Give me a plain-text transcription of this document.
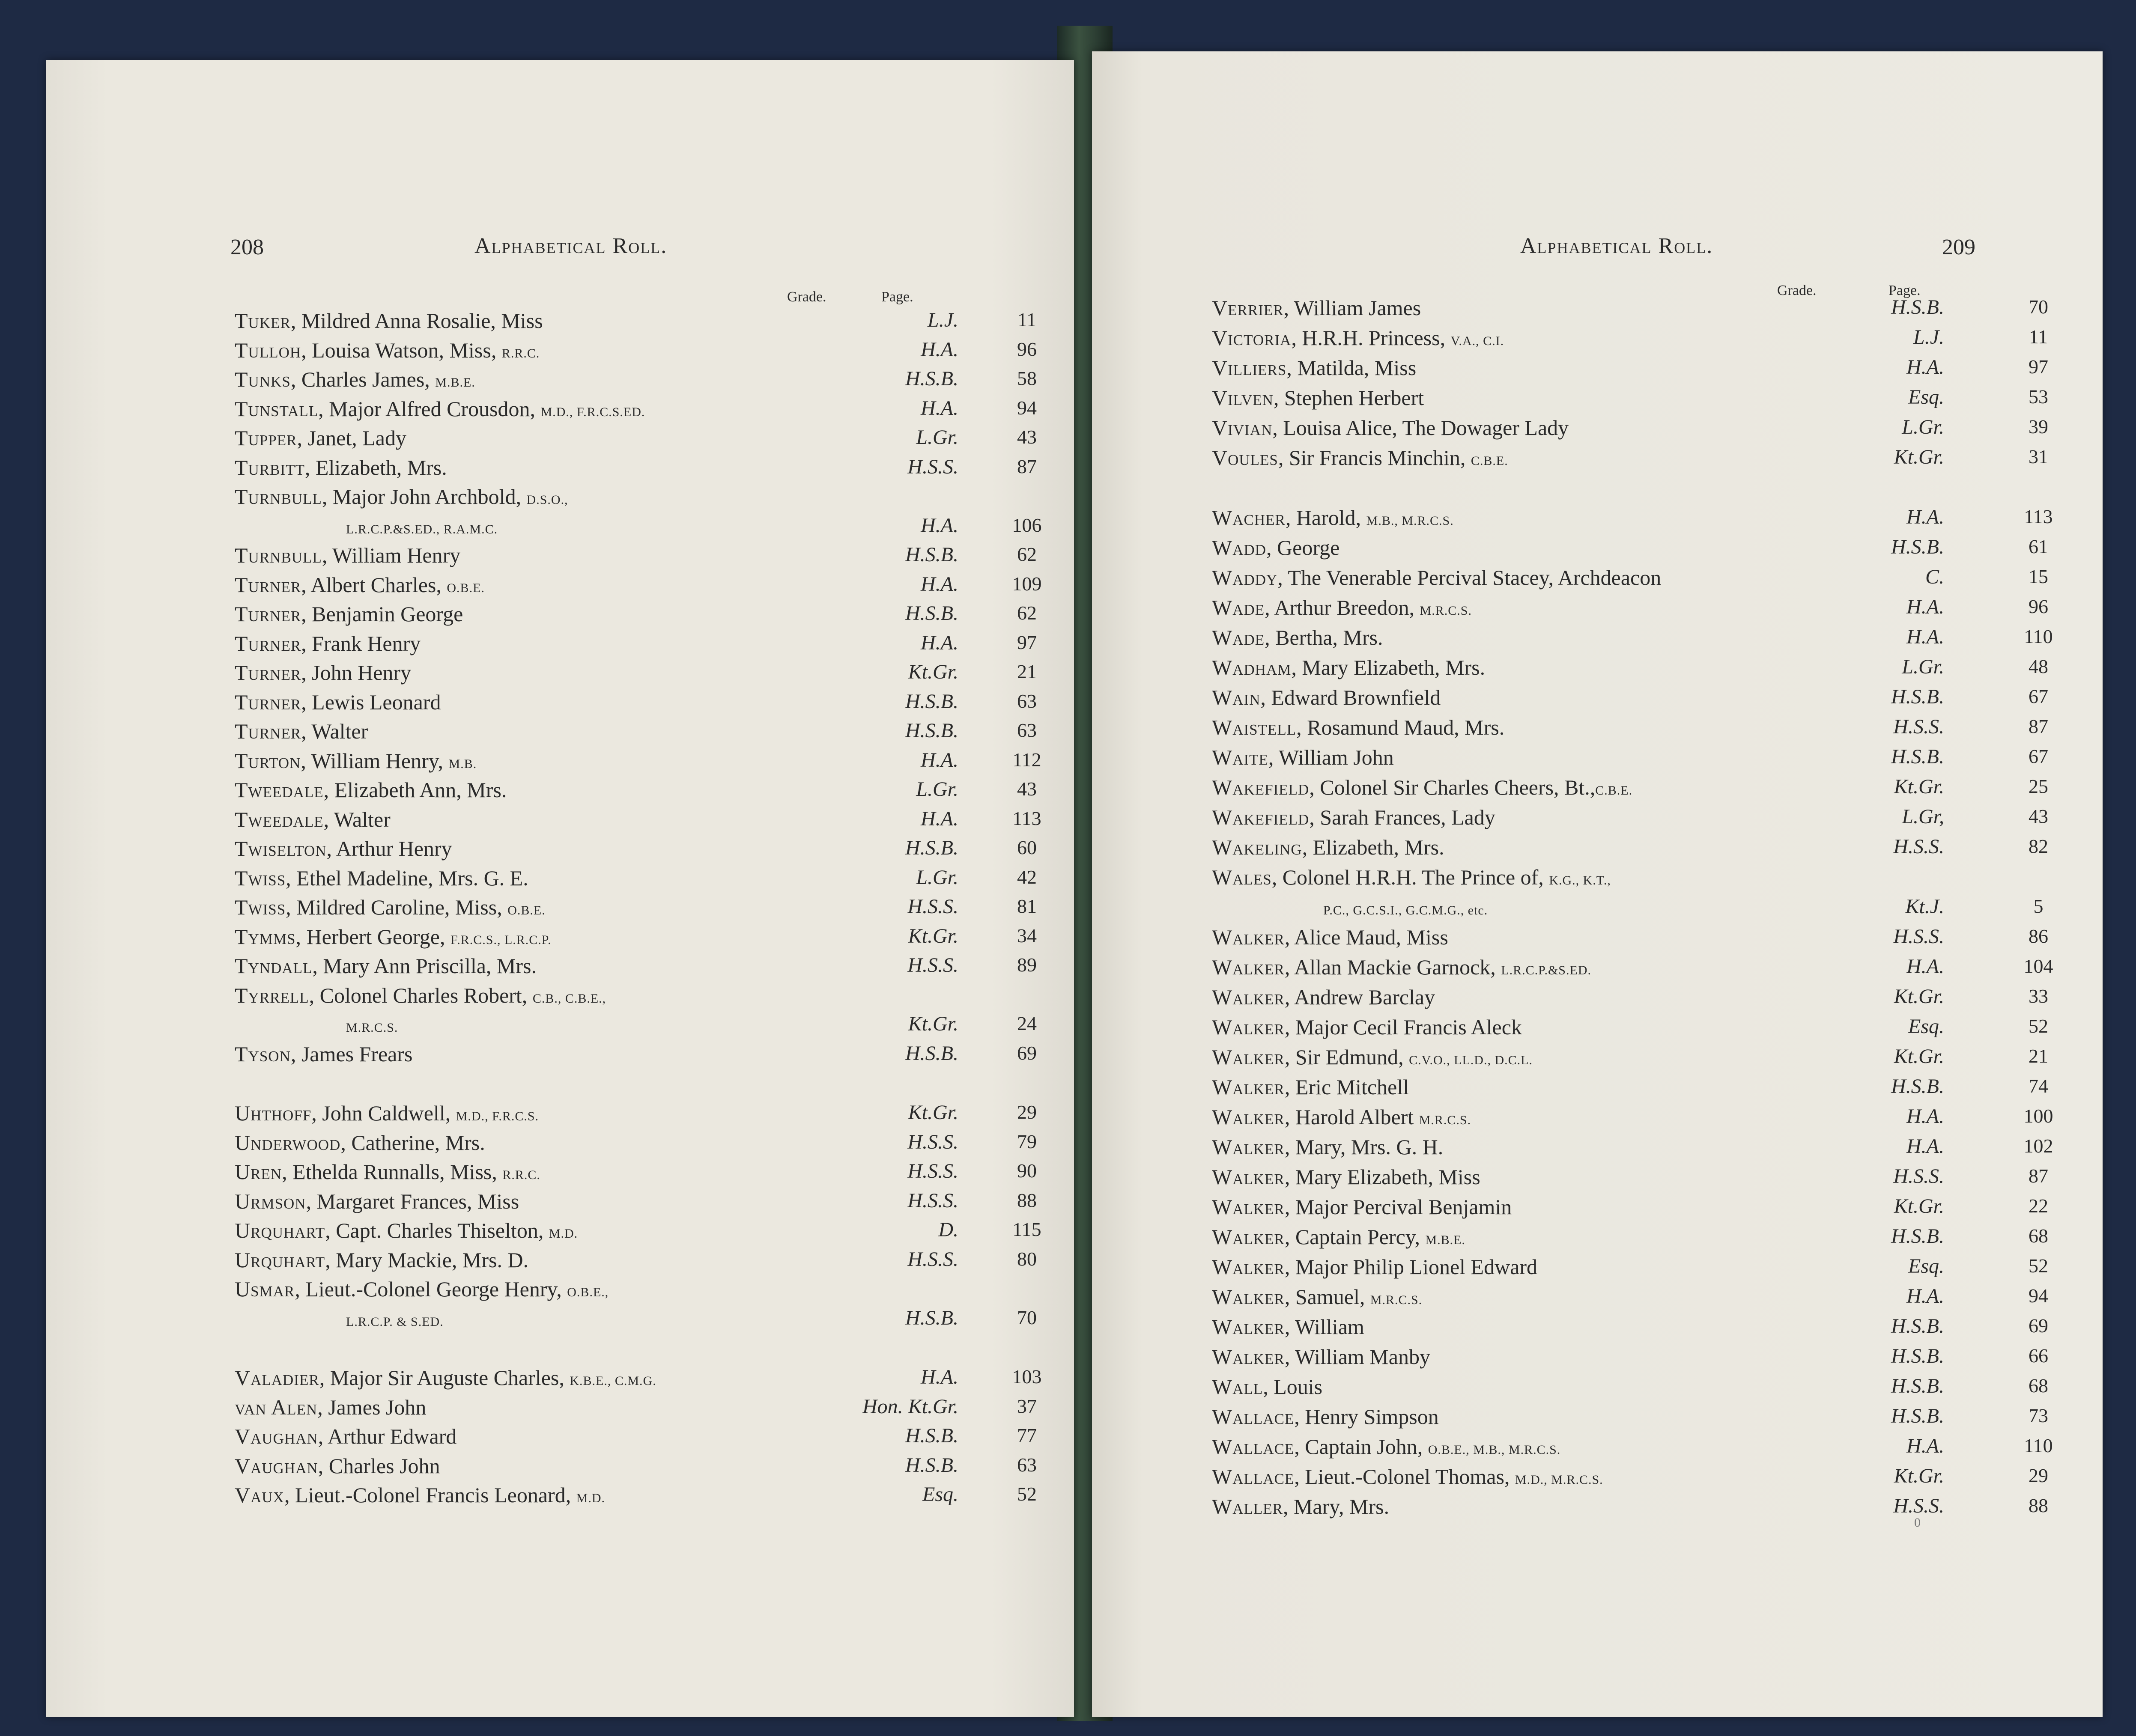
208	Alphabetical Roll.
Grade.	Page.
Tuker, Mildred Anna Rosalie, Miss	L.J.	11
Tulloh, Louisa Watson, Miss, R.R.C.	H.A.	96
Tunks, Charles James, M.B.E.	H.S.B.	58
Tunstall, Major Alfred Crousdon, M.D., F.R.C.S.ED.	H.A.	94
Tupper, Janet, Lady	L.Gr.	43
Turbitt, Elizabeth, Mrs.	H.S.S.	87
Turnbull, Major John Archbold, D.S.O.,
L.R.C.P.&S.ED., R.A.M.C.	H.A.	106
Turnbull, William Henry	H.S.B.	62
Turner, Albert Charles, O.B.E.	H.A.	109
Turner, Benjamin George	H.S.B.	62
Turner, Frank Henry	H.A.	97
Turner, John Henry	Kt.Gr.	21
Turner, Lewis Leonard	H.S.B.	63
Turner, Walter	H.S.B.	63
Turton, William Henry, M.B.	H.A.	112
Tweedale, Elizabeth Ann, Mrs.	L.Gr.	43
Tweedale, Walter	H.A.	113
Twiselton, Arthur Henry	H.S.B.	60
Twiss, Ethel Madeline, Mrs. G. E.	L.Gr.	42
Twiss, Mildred Caroline, Miss, O.B.E.	H.S.S.	81
Tymms, Herbert George, F.R.C.S., L.R.C.P.	Kt.Gr.	34
Tyndall, Mary Ann Priscilla, Mrs.	H.S.S.	89
Tyrrell, Colonel Charles Robert, C.B., C.B.E.,
M.R.C.S.	Kt.Gr.	24
Tyson, James Frears	H.S.B.	69
Uhthoff, John Caldwell, M.D., F.R.C.S.	Kt.Gr.	29
Underwood, Catherine, Mrs.	H.S.S.	79
Uren, Ethelda Runnalls, Miss, R.R.C.	H.S.S.	90
Urmson, Margaret Frances, Miss	H.S.S.	88
Urquhart, Capt. Charles Thiselton, M.D.	D.	115
Urquhart, Mary Mackie, Mrs. D.	H.S.S.	80
Usmar, Lieut.-Colonel George Henry, O.B.E.,
L.R.C.P. & S.ED.	H.S.B.	70
Valadier, Major Sir Auguste Charles, K.B.E., C.M.G.	H.A.	103
van Alen, James John	Hon. Kt.Gr.	37
Vaughan, Arthur Edward	H.S.B.	77
Vaughan, Charles John	H.S.B.	63
Vaux, Lieut.-Colonel Francis Leonard, M.D.	Esq.	52
Alphabetical Roll.	209
Grade.	Page.
Verrier, William James	H.S.B.	70
Victoria, H.R.H. Princess, V.A., C.I.	L.J.	11
Villiers, Matilda, Miss	H.A.	97
Vilven, Stephen Herbert	Esq.	53
Vivian, Louisa Alice, The Dowager Lady	L.Gr.	39
Voules, Sir Francis Minchin, C.B.E.	Kt.Gr.	31
Wacher, Harold, M.B., M.R.C.S.	H.A.	113
Wadd, George	H.S.B.	61
Waddy, The Venerable Percival Stacey, Archdeacon	C.	15
Wade, Arthur Breedon, M.R.C.S.	H.A.	96
Wade, Bertha, Mrs.	H.A.	110
Wadham, Mary Elizabeth, Mrs.	L.Gr.	48
Wain, Edward Brownfield	H.S.B.	67
Waistell, Rosamund Maud, Mrs.	H.S.S.	87
Waite, William John	H.S.B.	67
Wakefield, Colonel Sir Charles Cheers, Bt.,C.B.E.	Kt.Gr.	25
Wakefield, Sarah Frances, Lady	L.Gr,	43
Wakeling, Elizabeth, Mrs.	H.S.S.	82
Wales, Colonel H.R.H. The Prince of, K.G., K.T.,
P.C., G.C.S.I., G.C.M.G., etc.	Kt.J.	5
Walker, Alice Maud, Miss	H.S.S.	86
Walker, Allan Mackie Garnock, L.R.C.P.&S.ED.	H.A.	104
Walker, Andrew Barclay	Kt.Gr.	33
Walker, Major Cecil Francis Aleck	Esq.	52
Walker, Sir Edmund, C.V.O., LL.D., D.C.L.	Kt.Gr.	21
Walker, Eric Mitchell	H.S.B.	74
Walker, Harold Albert M.R.C.S.	H.A.	100
Walker, Mary, Mrs. G. H.	H.A.	102
Walker, Mary Elizabeth, Miss	H.S.S.	87
Walker, Major Percival Benjamin	Kt.Gr.	22
Walker, Captain Percy, M.B.E.	H.S.B.	68
Walker, Major Philip Lionel Edward	Esq.	52
Walker, Samuel, M.R.C.S.	H.A.	94
Walker, William	H.S.B.	69
Walker, William Manby	H.S.B.	66
Wall, Louis	H.S.B.	68
Wallace, Henry Simpson	H.S.B.	73
Wallace, Captain John, O.B.E., M.B., M.R.C.S.	H.A.	110
Wallace, Lieut.-Colonel Thomas, M.D., M.R.C.S.	Kt.Gr.	29
Waller, Mary, Mrs.	H.S.S.	88
0
